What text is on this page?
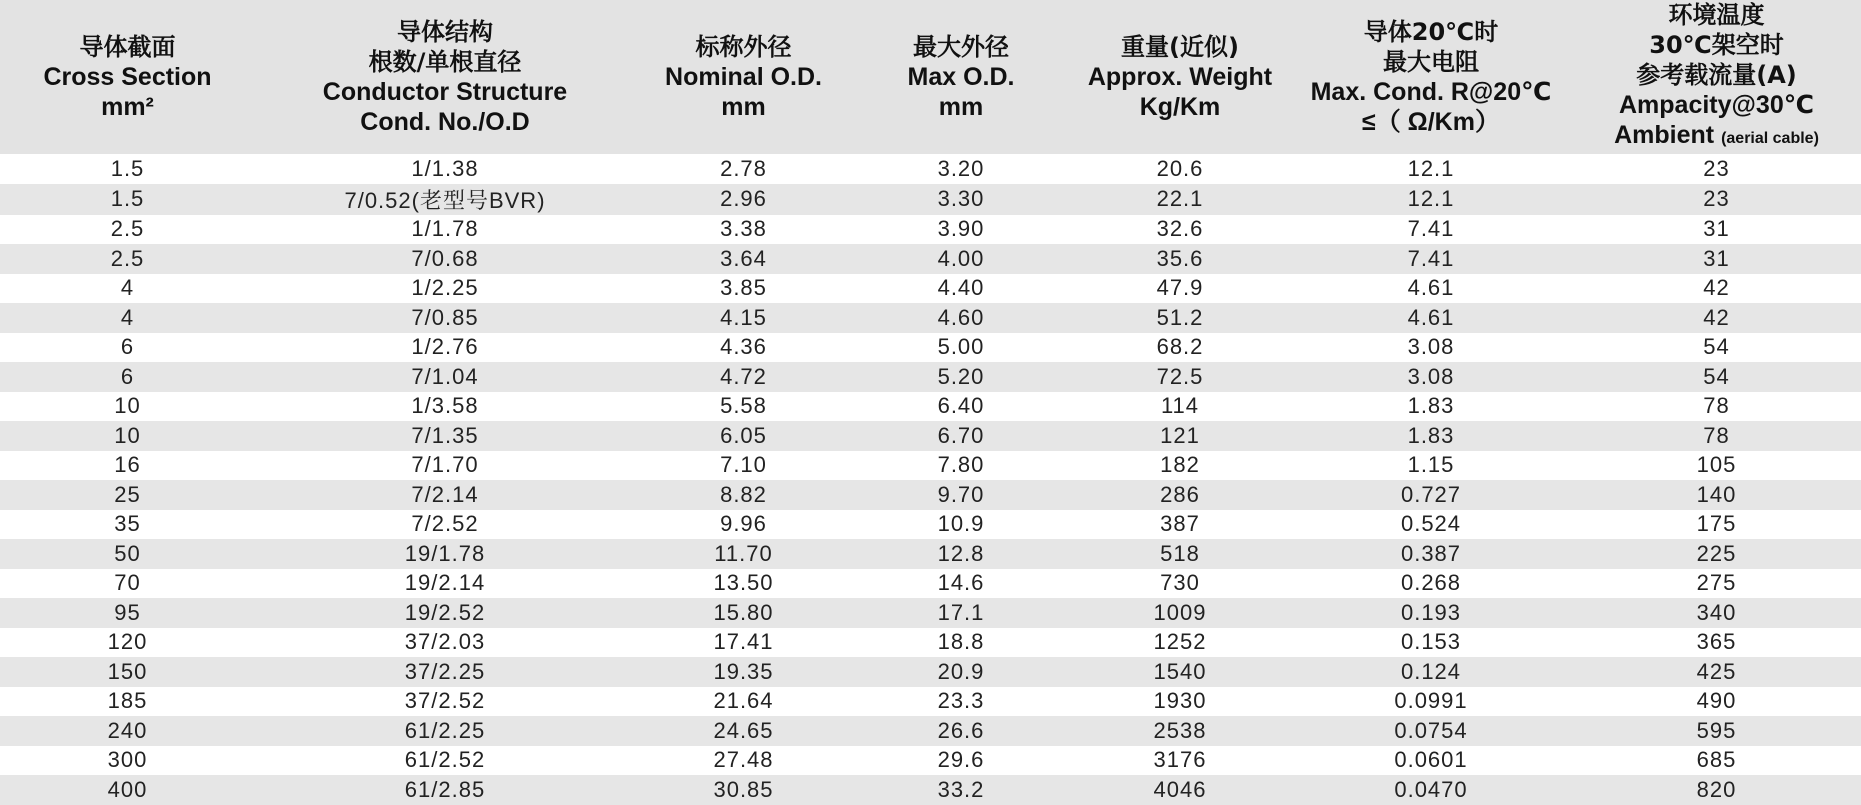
导体截面
Cross Section
mm²	导体结构
根数/单根直径
Conductor Structure
Cond. No./O.D	标称外径
Nominal O.D.
mm	最大外径
Max O.D.
mm	重量(近似)
Approx. Weight
Kg/Km	导体20℃时
最大电阻
Max. Cond. R@20℃
≤（ Ω/Km）	环境温度
30℃架空时
参考载流量(A)
Ampacity@30℃
Ambient (aerial cable)

1.5	1/1.38	2.78	3.20	20.6	12.1	23
1.5	7/0.52(老型号BVR)	2.96	3.30	22.1	12.1	23
2.5	1/1.78	3.38	3.90	32.6	7.41	31
2.5	7/0.68	3.64	4.00	35.6	7.41	31
4	1/2.25	3.85	4.40	47.9	4.61	42
4	7/0.85	4.15	4.60	51.2	4.61	42
6	1/2.76	4.36	5.00	68.2	3.08	54
6	7/1.04	4.72	5.20	72.5	3.08	54
10	1/3.58	5.58	6.40	114	1.83	78
10	7/1.35	6.05	6.70	121	1.83	78
16	7/1.70	7.10	7.80	182	1.15	105
25	7/2.14	8.82	9.70	286	0.727	140
35	7/2.52	9.96	10.9	387	0.524	175
50	19/1.78	11.70	12.8	518	0.387	225
70	19/2.14	13.50	14.6	730	0.268	275
95	19/2.52	15.80	17.1	1009	0.193	340
120	37/2.03	17.41	18.8	1252	0.153	365
150	37/2.25	19.35	20.9	1540	0.124	425
185	37/2.52	21.64	23.3	1930	0.0991	490
240	61/2.25	24.65	26.6	2538	0.0754	595
300	61/2.52	27.48	29.6	3176	0.0601	685
400	61/2.85	30.85	33.2	4046	0.0470	820
